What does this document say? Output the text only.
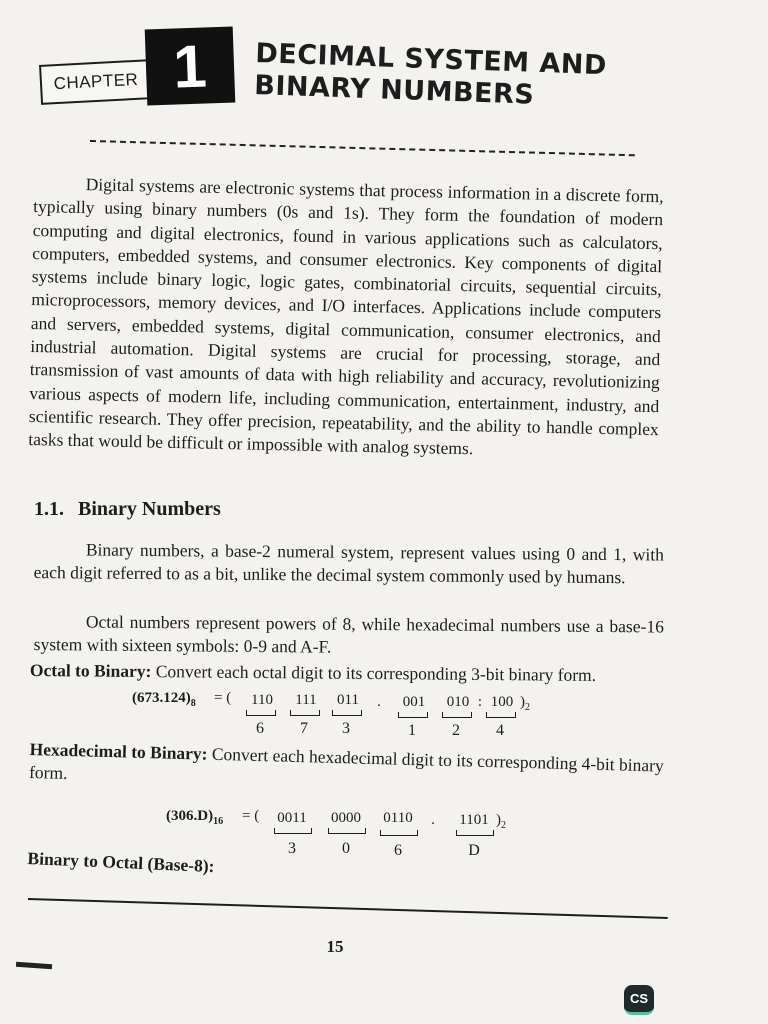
CHAPTER 1 DECIMAL SYSTEM AND
BINARY NUMBERS

Digital systems are electronic systems that process information in a discrete form, typically using binary numbers (0s and 1s). They form the foundation of modern computing and digital electronics, found in various applications such as calculators, computers, embedded systems, and consumer electronics. Key components of digital systems include binary logic, logic gates, combinatorial circuits, sequential circuits, microprocessors, memory devices, and I/O interfaces. Applications include computers and servers, embedded systems, digital communication, consumer electronics, and industrial automation. Digital systems are crucial for processing, storage, and transmission of vast amounts of data with high reliability and accuracy, revolutionizing various aspects of modern life, including communication, entertainment, industry, and scientific research. They offer precision, repeatability, and the ability to handle complex tasks that would be difficult or impossible with analog systems.

1.1. Binary Numbers

Binary numbers, a base-2 numeral system, represent values using 0 and 1, with each digit referred to as a bit, unlike the decimal system commonly used by humans.

Octal numbers represent powers of 8, while hexadecimal numbers use a base-16 system with sixteen symbols: 0-9 and A-F.

Octal to Binary: Convert each octal digit to its corresponding 3-bit binary form.
$(673.124)_8$ = (	110	111	011	.	001	010 : 100 )$_2$
6	7	3	1	2	4
Hexadecimal to Binary: Convert each hexadecimal digit to its corresponding 4-bit binary form.
$(306.D)_{16}$ = (	0011	0000	0110	.	1101 )$_2$
3	0	6	D
Binary to Octal (Base-8):
15
CS
